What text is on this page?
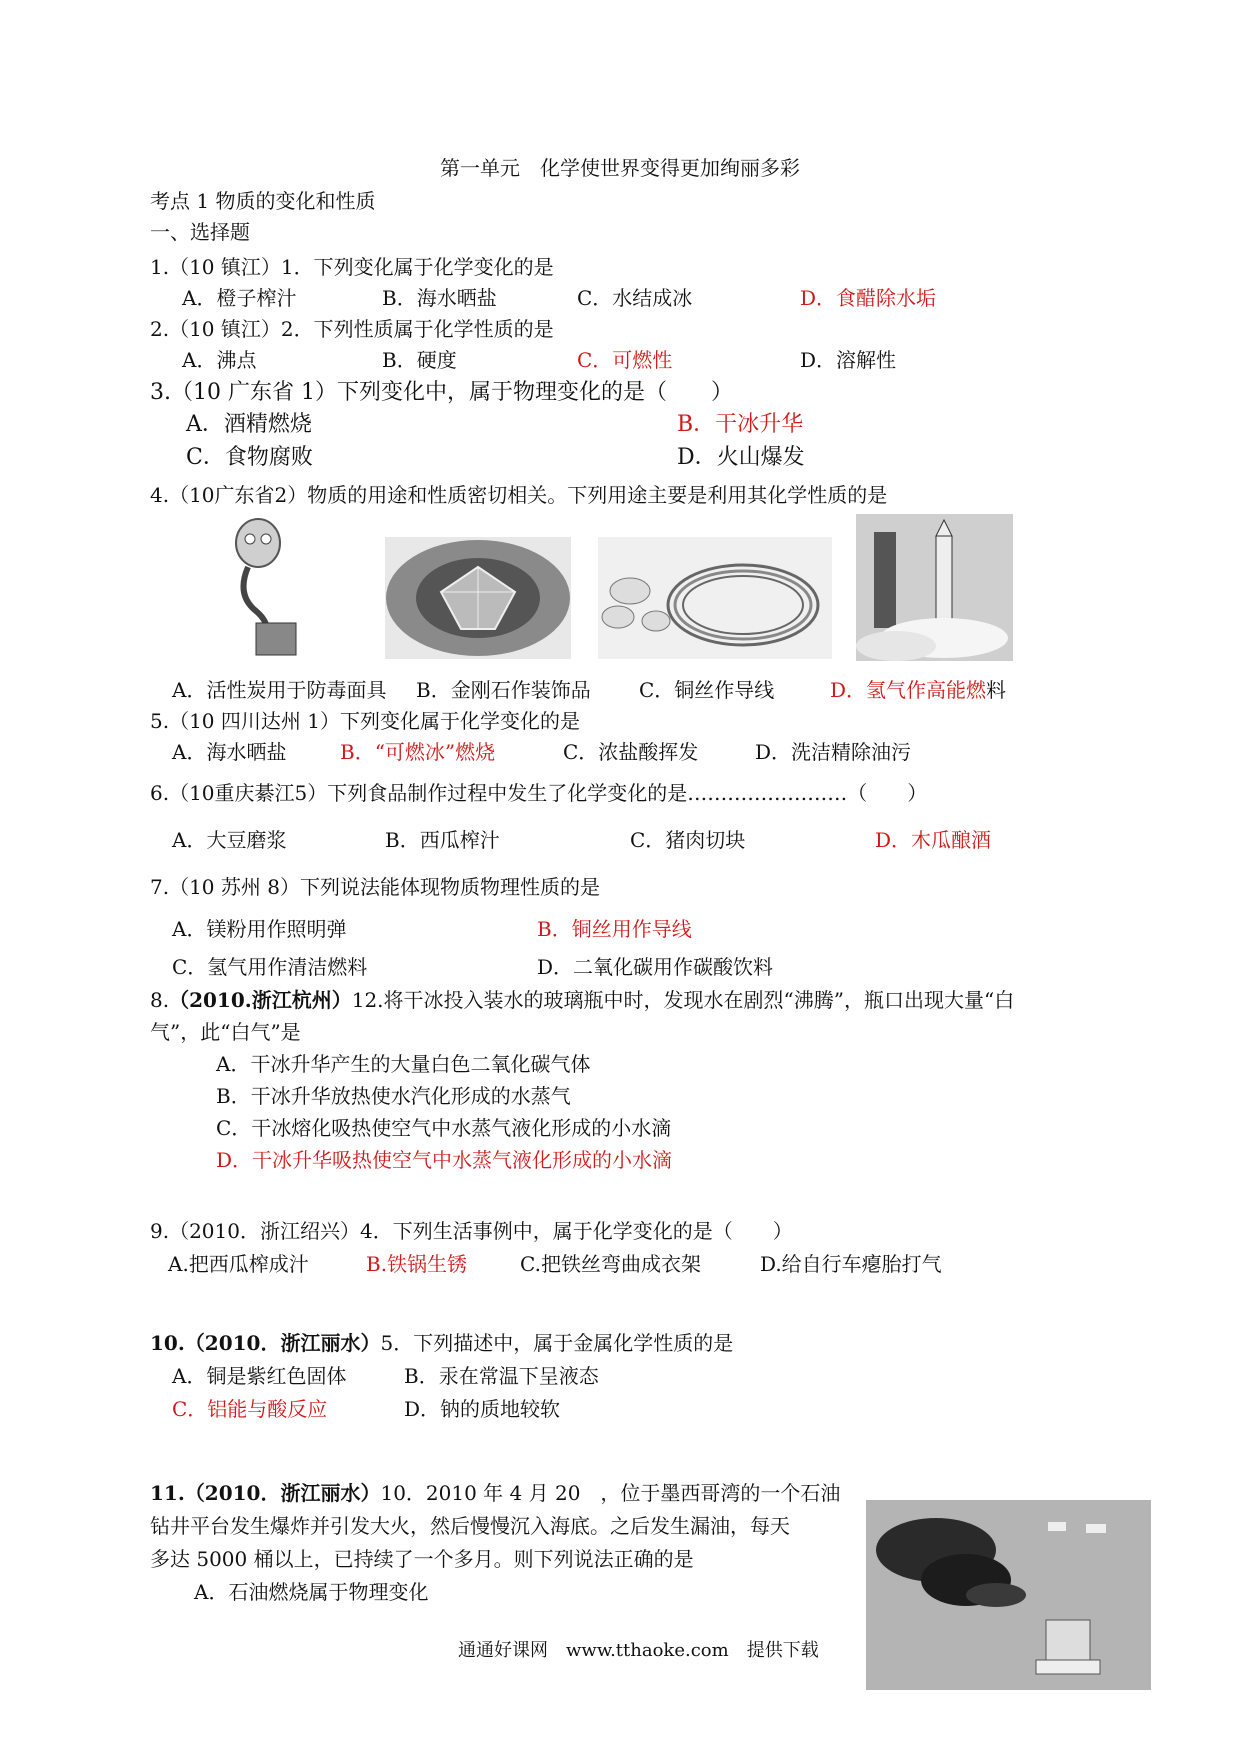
第一单元　化学使世界变得更加绚丽多彩
考点 1 物质的变化和性质
一、选择题
1.（10 镇江）1．下列变化属于化学变化的是
A．橙子榨汁	B．海水晒盐	C．水结成冰	D．食醋除水垢
2.（10 镇江）2．下列性质属于化学性质的是
A．沸点	B．硬度	C．可燃性	D．溶解性
3.（10 广东省 1）下列变化中，属于物理变化的是（　　）
A．酒精燃烧	B．干冰升华
C．食物腐败	D．火山爆发
4.（10广东省2）物质的用途和性质密切相关。下列用途主要是利用其化学性质的是
A．活性炭用于防毒面具 B．金刚石作装饰品 C．铜丝作导线	D．氢气作高能燃料
5.（10 四川达州 1）下列变化属于化学变化的是
A．海水晒盐	B．“可燃冰”燃烧	C．浓盐酸挥发	D．洗洁精除油污
6.（10重庆綦江5）下列食品制作过程中发生了化学变化的是……………………（　　）
A．大豆磨浆	B．西瓜榨汁	C．猪肉切块	D．木瓜酿酒
7.（10 苏州 8）下列说法能体现物质物理性质的是
A．镁粉用作照明弹	B．铜丝用作导线
C．氢气用作清洁燃料	D．二氧化碳用作碳酸饮料
8.（2010.浙江杭州）12.将干冰投入装水的玻璃瓶中时，发现水在剧烈“沸腾”，瓶口出现大量“白
气”，此“白气”是
A．干冰升华产生的大量白色二氧化碳气体
B．干冰升华放热使水汽化形成的水蒸气
C．干冰熔化吸热使空气中水蒸气液化形成的小水滴
D．干冰升华吸热使空气中水蒸气液化形成的小水滴
9.（2010．浙江绍兴）4．下列生活事例中，属于化学变化的是（　　）
A.把西瓜榨成汁	B.铁锅生锈	C.把铁丝弯曲成衣架	D.给自行车瘪胎打气
10.（2010．浙江丽水）5．下列描述中，属于金属化学性质的是
A．铜是紫红色固体	B．汞在常温下呈液态
C．铝能与酸反应	D．钠的质地较软
11.（2010．浙江丽水）10．2010 年 4 月 20　，位于墨西哥湾的一个石油
钻井平台发生爆炸并引发大火，然后慢慢沉入海底。之后发生漏油，每天
多达 5000 桶以上，已持续了一个多月。则下列说法正确的是
A．石油燃烧属于物理变化
通通好课网　www.tthaoke.com　提供下载
